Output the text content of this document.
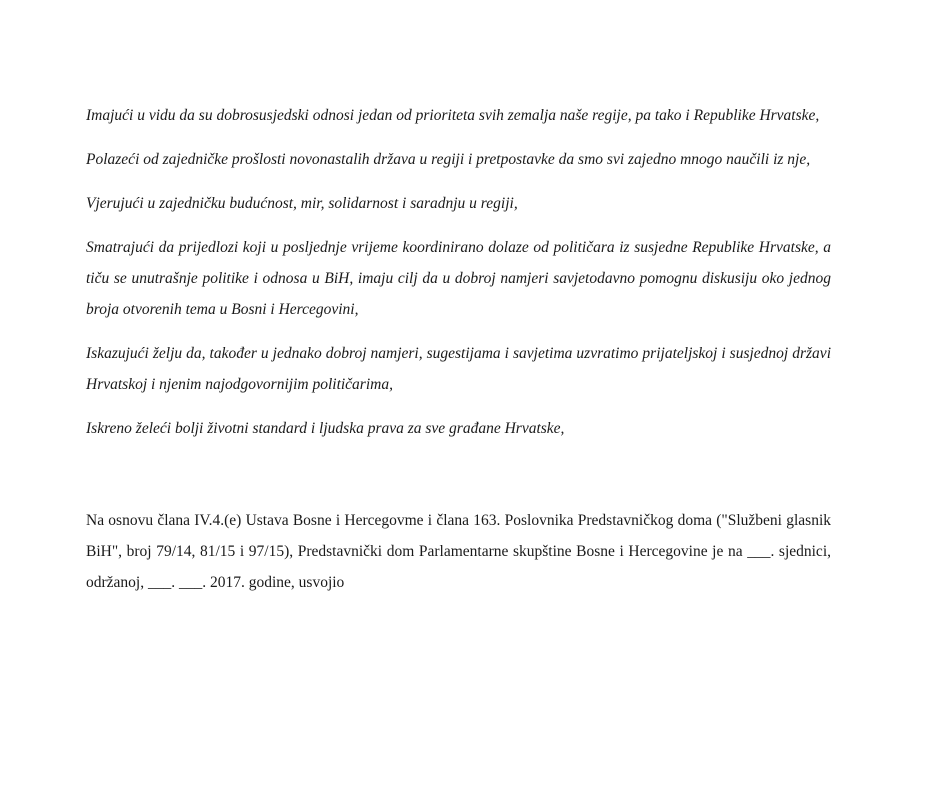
Imajući u vidu da su dobrosusjedski odnosi jedan od prioriteta svih zemalja naše regije, pa tako i Republike Hrvatske,

Polazeći od zajedničke prošlosti novonastalih država u regiji i pretpostavke da smo svi zajedno mnogo naučili iz nje,

Vjerujući u zajedničku budućnost, mir, solidarnost i saradnju u regiji,

Smatrajući da prijedlozi koji u posljednje vrijeme koordinirano dolaze od političara iz susjedne Republike Hrvatske, a tiču se unutrašnje politike i odnosa u BiH, imaju cilj da u dobroj namjeri savjetodavno pomognu diskusiju oko jednog broja otvorenih tema u Bosni i Hercegovini,

Iskazujući želju da, također u jednako dobroj namjeri, sugestijama i savjetima uzvratimo prijateljskoj i susjednoj državi Hrvatskoj i njenim najodgovornijim političarima,

Iskreno želeći bolji životni standard i ljudska prava za sve građane Hrvatske,

Na osnovu člana IV.4.(e) Ustava Bosne i Hercegovme i člana 163. Poslovnika Predstavničkog doma ("Službeni glasnik BiH", broj 79/14, 81/15 i 97/15), Predstavnički dom Parlamentarne skupštine Bosne i Hercegovine je na ___. sjednici, održanoj, ___. ___. 2017. godine, usvojio
